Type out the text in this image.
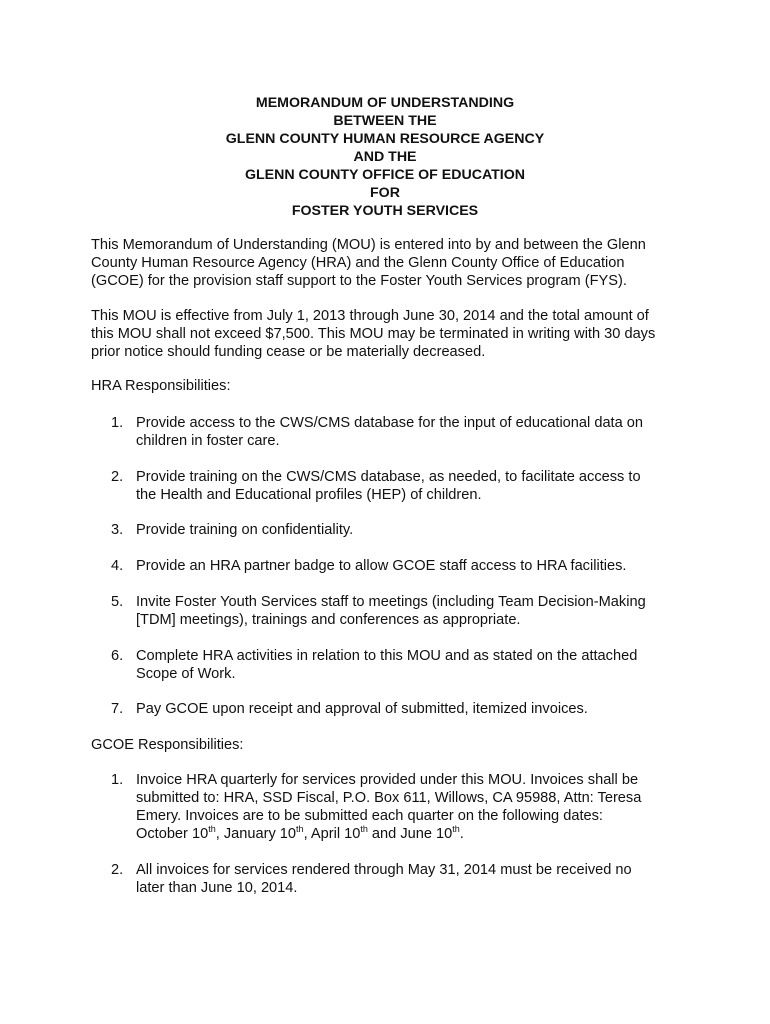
MEMORANDUM OF UNDERSTANDING
BETWEEN THE
GLENN COUNTY HUMAN RESOURCE AGENCY
AND THE
GLENN COUNTY OFFICE OF EDUCATION
FOR
FOSTER YOUTH SERVICES
This Memorandum of Understanding (MOU) is entered into by and between the Glenn
County Human Resource Agency (HRA) and the Glenn County Office of Education
(GCOE) for the provision staff support to the Foster Youth Services program (FYS).
This MOU is effective from July 1, 2013 through June 30, 2014 and the total amount of
this MOU shall not exceed $7,500. This MOU may be terminated in writing with 30 days
prior notice should funding cease or be materially decreased.
HRA Responsibilities:
1. Provide access to the CWS/CMS database for the input of educational data on
children in foster care.
2. Provide training on the CWS/CMS database, as needed, to facilitate access to
the Health and Educational profiles (HEP) of children.
3. Provide training on confidentiality.
4. Provide an HRA partner badge to allow GCOE staff access to HRA facilities.
5. Invite Foster Youth Services staff to meetings (including Team Decision-Making
[TDM] meetings), trainings and conferences as appropriate.
6. Complete HRA activities in relation to this MOU and as stated on the attached
Scope of Work.
7. Pay GCOE upon receipt and approval of submitted, itemized invoices.
GCOE Responsibilities:
1. Invoice HRA quarterly for services provided under this MOU. Invoices shall be
submitted to: HRA, SSD Fiscal, P.O. Box 611, Willows, CA 95988, Attn: Teresa
Emery. Invoices are to be submitted each quarter on the following dates:
October 10th, January 10th, April 10th and June 10th.
2. All invoices for services rendered through May 31, 2014 must be received no
later than June 10, 2014.
